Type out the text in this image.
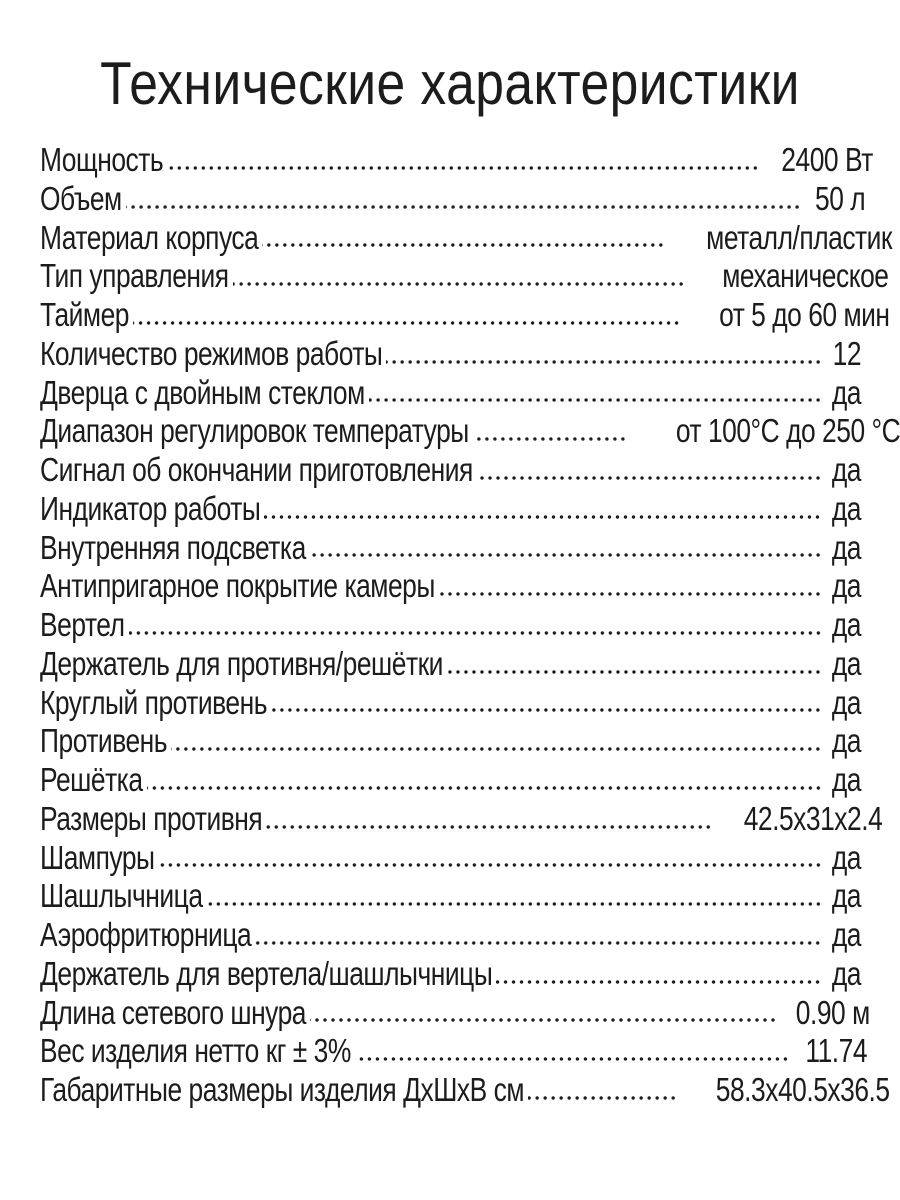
Технические характеристики
Мощность	2400 Вт
Объем	50 л
Материал корпуса	металл/пластик
Тип управления	механическое
Таймер	от 5 до 60 мин
Количество режимов работы	12
Дверца с двойным стеклом	да
Диапазон регулировок температуры	от 100°С до 250 °С
Сигнал об окончании приготовления	да
Индикатор работы	да
Внутренняя подсветка	да
Антипригарное покрытие камеры	да
Вертел	да
Держатель для противня/решётки	да
Круглый противень	да
Противень	да
Решётка	да
Размеры противня	42.5х31х2.4
Шампуры	да
Шашлычница	да
Аэрофритюрница	да
Держатель для вертела/шашлычницы	да
Длина сетевого шнура	0.90 м
Вес изделия нетто кг ± 3%	11.74
Габаритные размеры изделия ДхШхВ см	58.3х40.5х36.5
